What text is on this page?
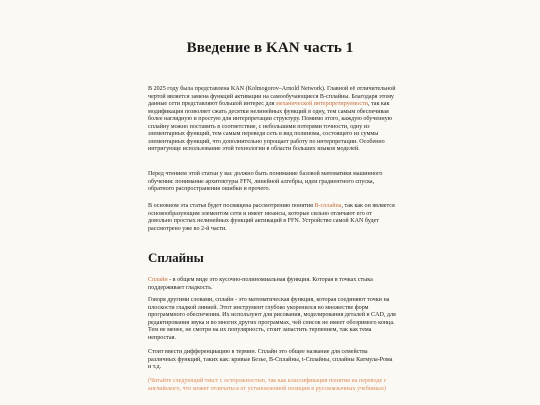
Введение в KAN часть 1

В 2025 году была представлена KAN (Kolmogorov–Arnold Network). Главной её отличительной чертой является замена функций активации на самообучающиеся B-сплайны. Благодаря этому данные сети представляют большой интерес для механической интерпретируемости, так как модификация позволяет сжать десятки нелинейных функций в одну, тем самым обеспечивая более наглядную и простую для интерпретации структуру. Помимо этого, каждую обученную сплайну можно поставить в соответствие, с небольшими потерями точности, одну из элементарных функций, тем самым переведя сеть в вид полинома, состоящего из суммы элементарных функций, что дополнительно упрощает работу по интерпретации. Особенно интригующе использование этой технологии в области больших языков моделей.

Перед чтением этой статьи у вас должно быть понимание базовой математики машинного обучения: понимание архитектуры FFN, линейной алгебры, идеи градиентного спуска, обратного распространения ошибки и прочего.

В основном эта статья будет посвящена рассмотрению понятия B-сплайна, так как он является основообразующим элементом сети и имеет нюансы, которые сильно отличают его от довольно простых нелинейных функций активаций в FFN. Устройство самой KAN будет рассмотрено уже во 2-й части.

Сплайны

Сплайн - в общем виде это кусочно-полиномиальная функция. Которая в точках стыка поддерживает гладкость.

Говоря другими словами, сплайн - это математическая функция, которая соединяют точки на плоскости гладкой линией. Этот инструмент глубоко укоренился во множестве форм программного обеспечения. Их используют для рисования, моделирования деталей в CAD, для редактирования звука и во многих других программах, чей список не имеет обозримого конца. Тем не менее, не смотря на их популярность, стоит запастить терпением, так как тема непростая.

Стоит ввести дифференциацию в термин. Сплайн это общее название для семейства различных функций, таких как: кривые Безье, B-Сплайны, t-Сплайны, сплайны Катмула-Рома и т.д.

(Читайте следующий текст с осторожностью, так как классификация понятия на переводе с английского, что может отличаться от установленной позиции в русскоязычных учебниках)
